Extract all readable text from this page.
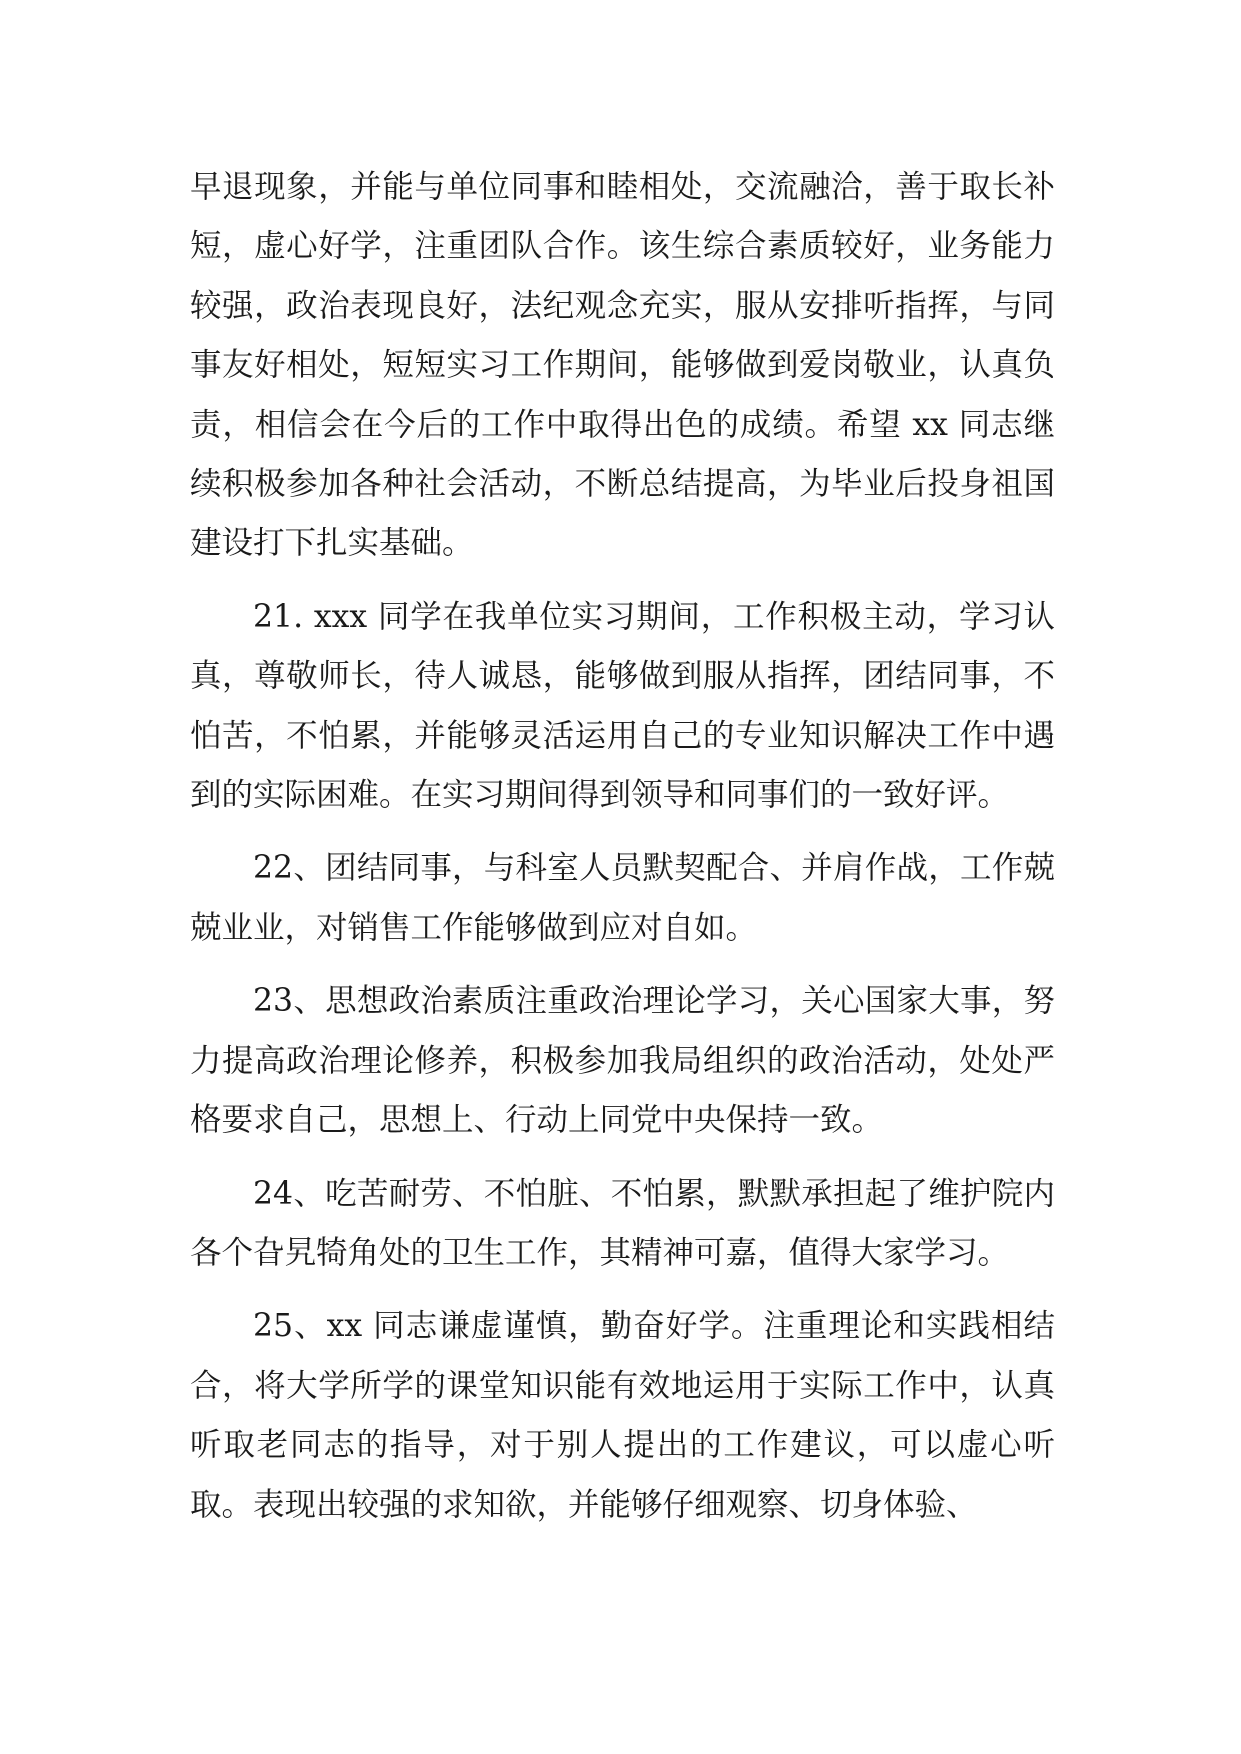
早退现象，并能与单位同事和睦相处，交流融洽，善于取长补短，虚心好学，注重团队合作。该生综合素质较好，业务能力较强，政治表现良好，法纪观念充实，服从安排听指挥，与同事友好相处，短短实习工作期间，能够做到爱岗敬业，认真负责，相信会在今后的工作中取得出色的成绩。希望 xx 同志继续积极参加各种社会活动，不断总结提高，为毕业后投身祖国建设打下扎实基础。

21. xxx 同学在我单位实习期间，工作积极主动，学习认真，尊敬师长，待人诚恳，能够做到服从指挥，团结同事，不怕苦，不怕累，并能够灵活运用自己的专业知识解决工作中遇到的实际困难。在实习期间得到领导和同事们的一致好评。

22、团结同事，与科室人员默契配合、并肩作战，工作兢兢业业，对销售工作能够做到应对自如。

23、思想政治素质注重政治理论学习，关心国家大事，努力提高政治理论修养，积极参加我局组织的政治活动，处处严格要求自己，思想上、行动上同党中央保持一致。

24、吃苦耐劳、不怕脏、不怕累，默默承担起了维护院内各个旮旯犄角处的卫生工作，其精神可嘉，值得大家学习。

25、xx 同志谦虚谨慎，勤奋好学。注重理论和实践相结合，将大学所学的课堂知识能有效地运用于实际工作中，认真听取老同志的指导，对于别人提出的工作建议，可以虚心听取。表现出较强的求知欲，并能够仔细观察、切身体验、
